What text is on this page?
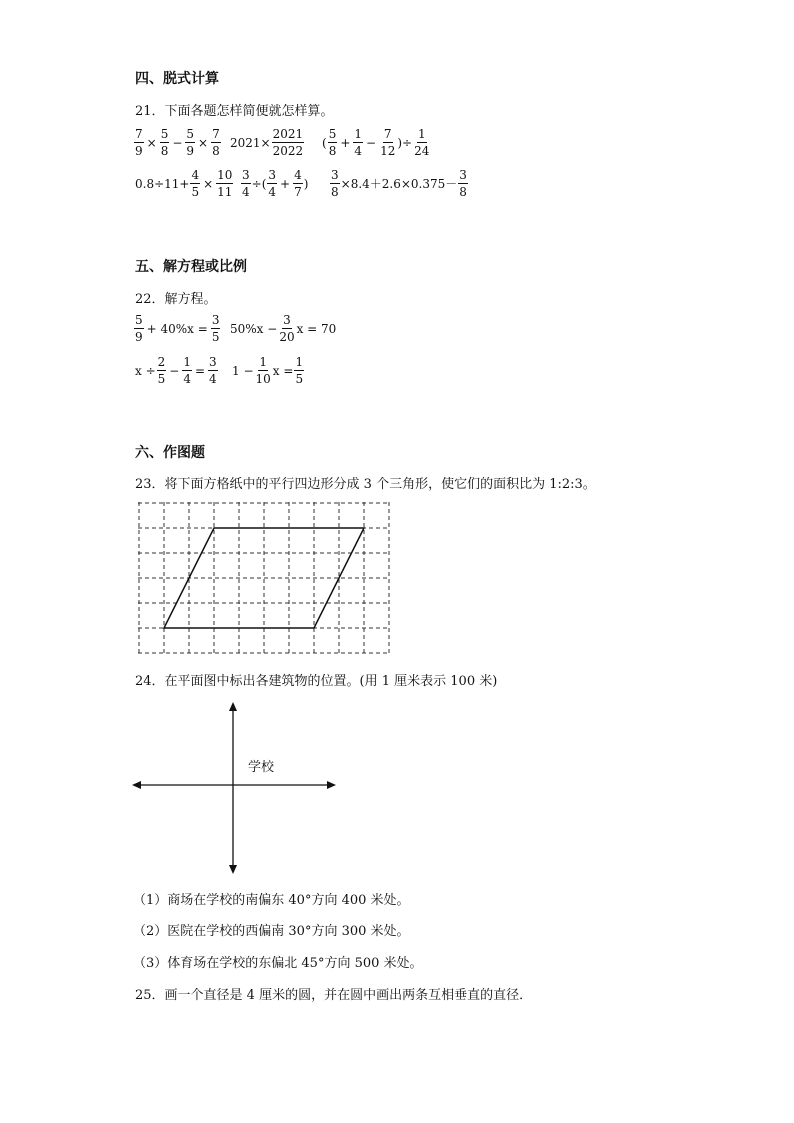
四、脱式计算
21．下面各题怎样简便就怎样算。
$\frac{7}{9} \times \frac{5}{8} - \frac{5}{9} \times \frac{7}{8} 2021\times \frac{2021}{2022}$ ( $\frac{5}{8} + \frac{1}{4} - \frac{7}{12}$ )÷ $\frac{1}{24}$
$0.8\div 11+ \frac{4}{5} \times \frac{10}{11} \frac{3}{4}$ ÷( $\frac{3}{4} + \frac{4}{7}$ ) $\frac{3}{8} \times 8.4+2.6\times 0.375- \frac{3}{8}$
五、解方程或比例
22．解方程。
$\frac{5}{9} + 40\%x = \frac{3}{5} 50\%x - \frac{3}{20}$ x = 70
$x \div \frac{2}{5} - \frac{1}{4} = \frac{3}{4} 1 - \frac{1}{10}$ $x = \frac{1}{5}$
六、作图题
23．将下面方格纸中的平行四边形分成 3 个三角形，使它们的面积比为 1:2:3。
24．在平面图中标出各建筑物的位置。(用 1 厘米表示 100 米)
学校
（1）商场在学校的南偏东 40°方向 400 米处。
（2）医院在学校的西偏南 30°方向 300 米处。
（3）体育场在学校的东偏北 45°方向 500 米处。
25．画一个直径是 4 厘米的圆，并在圆中画出两条互相垂直的直径．
